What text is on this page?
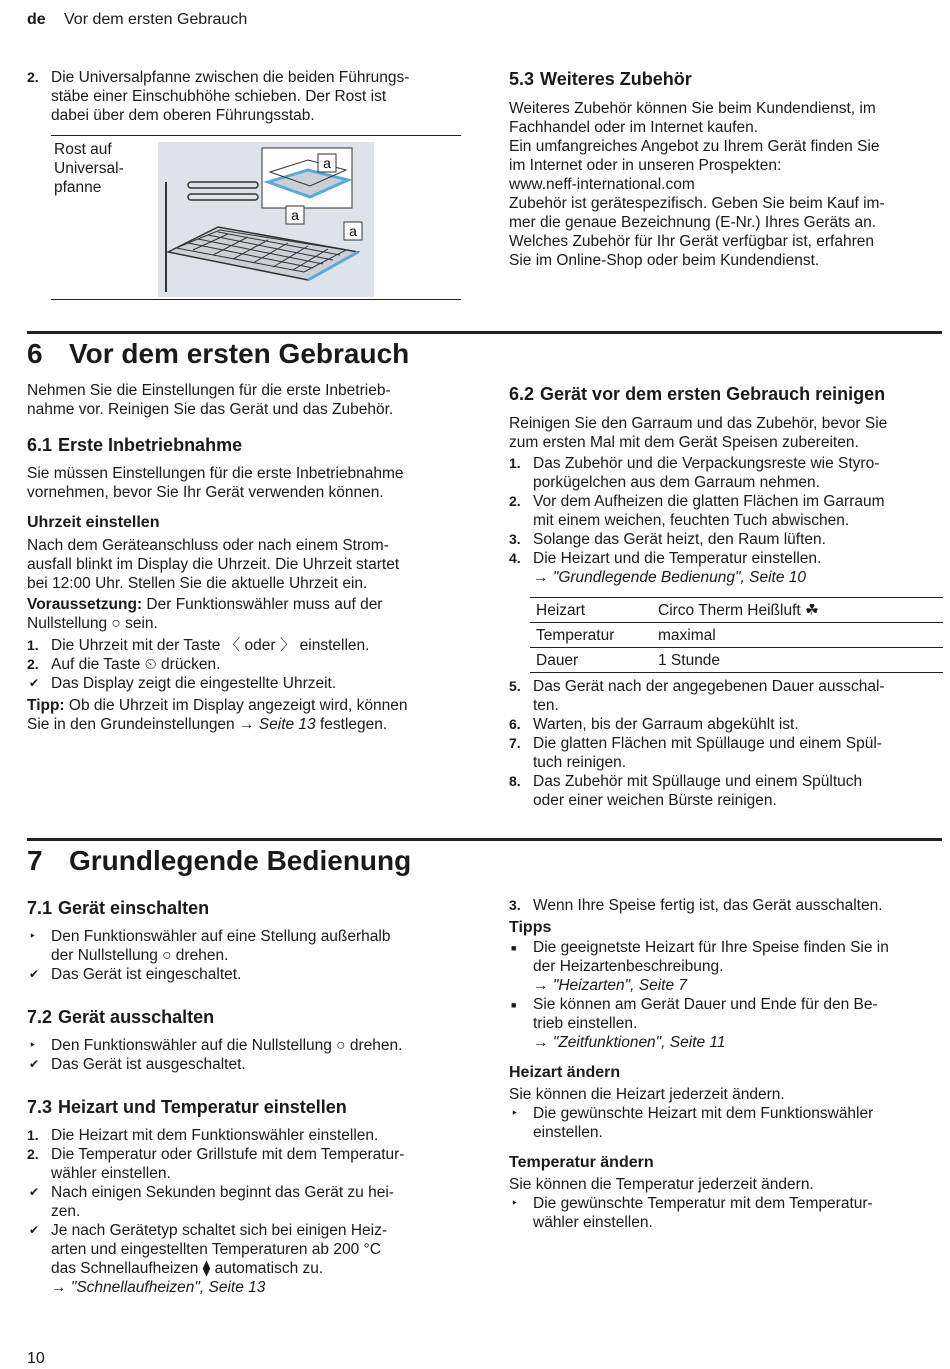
de Vor dem ersten Gebrauch
2. Die Universalpfanne zwischen die beiden Führungs-

stäbe einer Einschubhöhe schieben. Der Rost ist

dabei über dem oberen Führungsstab.

Rost auf

Universal-

pfanne

a
a
a
5.3 Weiteres Zubehör

Weiteres Zubehör können Sie beim Kundendienst, im

Fachhandel oder im Internet kaufen.

Ein umfangreiches Angebot zu Ihrem Gerät finden Sie

im Internet oder in unseren Prospekten:

www.neff-international.com

Zubehör ist gerätespezifisch. Geben Sie beim Kauf im-

mer die genaue Bezeichnung (E-Nr.) Ihres Geräts an.

Welches Zubehör für Ihr Gerät verfügbar ist, erfahren

Sie im Online-Shop oder beim Kundendienst.

6 Vor dem ersten Gebrauch

Nehmen Sie die Einstellungen für die erste Inbetrieb-

nahme vor. Reinigen Sie das Gerät und das Zubehör.

6.1 Erste Inbetriebnahme

Sie müssen Einstellungen für die erste Inbetriebnahme

vornehmen, bevor Sie Ihr Gerät verwenden können.

Uhrzeit einstellen

Nach dem Geräteanschluss oder nach einem Strom-

ausfall blinkt im Display die Uhrzeit. Die Uhrzeit startet

bei 12:00 Uhr. Stellen Sie die aktuelle Uhrzeit ein.

Voraussetzung: Der Funktionswähler muss auf der

Nullstellung ○ sein.

1. Die Uhrzeit mit der Taste 〈 oder 〉 einstellen.

2. Auf die Taste ⏲ drücken.

✔ Das Display zeigt die eingestellte Uhrzeit.

Tipp: Ob die Uhrzeit im Display angezeigt wird, können

Sie in den Grundeinstellungen → Seite 13 festlegen.

6.2 Gerät vor dem ersten Gebrauch reinigen

Reinigen Sie den Garraum und das Zubehör, bevor Sie

zum ersten Mal mit dem Gerät Speisen zubereiten.

1. Das Zubehör und die Verpackungsreste wie Styro-

porkügelchen aus dem Garraum nehmen.

2. Vor dem Aufheizen die glatten Flächen im Garraum

mit einem weichen, feuchten Tuch abwischen.

3. Solange das Gerät heizt, den Raum lüften.

4. Die Heizart und die Temperatur einstellen.

→ "Grundlegende Bedienung", Seite 10

Heizart	Circo Therm Heißluft ☘
Temperatur	maximal
Dauer	1 Stunde
5. Das Gerät nach der angegebenen Dauer ausschal-

ten.

6. Warten, bis der Garraum abgekühlt ist.

7. Die glatten Flächen mit Spüllauge und einem Spül-

tuch reinigen.

8. Das Zubehör mit Spüllauge und einem Spültuch

oder einer weichen Bürste reinigen.

7 Grundlegende Bedienung
7.1 Gerät einschalten
‣ Den Funktionswähler auf eine Stellung außerhalb

der Nullstellung ○ drehen.

✔ Das Gerät ist eingeschaltet.

7.2 Gerät ausschalten
‣ Den Funktionswähler auf die Nullstellung ○ drehen.

✔ Das Gerät ist ausgeschaltet.

7.3 Heizart und Temperatur einstellen
1. Die Heizart mit dem Funktionswähler einstellen.

2. Die Temperatur oder Grillstufe mit dem Temperatur-

wähler einstellen.

✔ Nach einigen Sekunden beginnt das Gerät zu hei-

zen.

✔ Je nach Gerätetyp schaltet sich bei einigen Heiz-

arten und eingestellten Temperaturen ab 200 °C

das Schnellaufheizen ⧫ automatisch zu.

→ "Schnellaufheizen", Seite 13

3. Wenn Ihre Speise fertig ist, das Gerät ausschalten.

Tipps
■ Die geeignetste Heizart für Ihre Speise finden Sie in

der Heizartenbeschreibung.

→ "Heizarten", Seite 7

■ Sie können am Gerät Dauer und Ende für den Be-

trieb einstellen.

→ "Zeitfunktionen", Seite 11

Heizart ändern

Sie können die Heizart jederzeit ändern.

‣ Die gewünschte Heizart mit dem Funktionswähler

einstellen.

Temperatur ändern

Sie können die Temperatur jederzeit ändern.

‣ Die gewünschte Temperatur mit dem Temperatur-

wähler einstellen.

10
